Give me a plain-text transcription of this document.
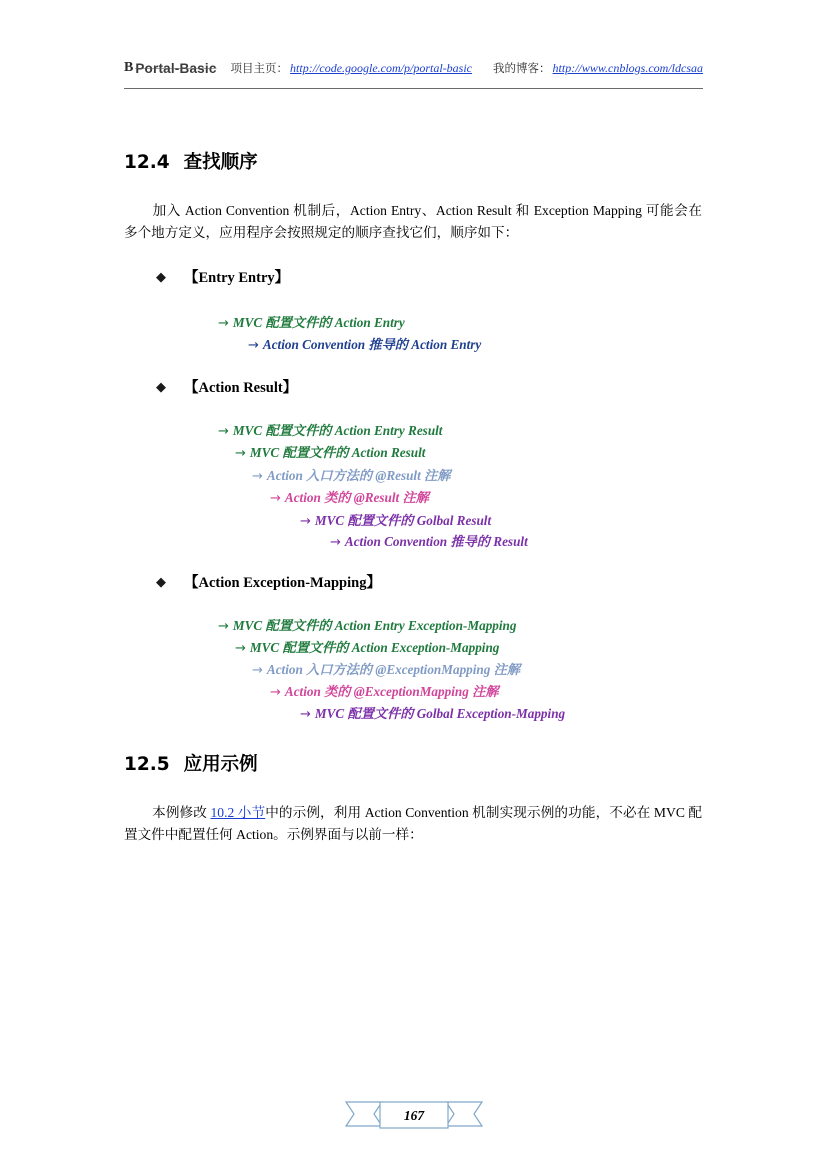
B Portal-Basic 项目主页： http://code.google.com/p/portal-basic 我的博客： http://www.cnblogs.com/ldcsaa
12.4 查找顺序
加入 Action Convention 机制后，Action Entry、Action Result 和 Exception Mapping 可能会在多个地方定义，应用程序会按照规定的顺序查找它们，顺序如下：
◆ 【Entry Entry】
→ MVC 配置文件的 Action Entry
→ Action Convention 推导的 Action Entry
◆ 【Action Result】
→ MVC 配置文件的 Action Entry Result
→ MVC 配置文件的 Action Result
→ Action 入口方法的 @Result 注解
→ Action 类的 @Result 注解
→ MVC 配置文件的 Golbal Result
→ Action Convention 推导的 Result
◆ 【Action Exception-Mapping】
→ MVC 配置文件的 Action Entry Exception-Mapping
→ MVC 配置文件的 Action Exception-Mapping
→ Action 入口方法的 @ExceptionMapping 注解
→ Action 类的 @ExceptionMapping 注解
→ MVC 配置文件的 Golbal Exception-Mapping
12.5 应用示例
本例修改 10.2 小节中的示例，利用 Action Convention 机制实现示例的功能，不必在 MVC 配置文件中配置任何 Action。示例界面与以前一样：
167
